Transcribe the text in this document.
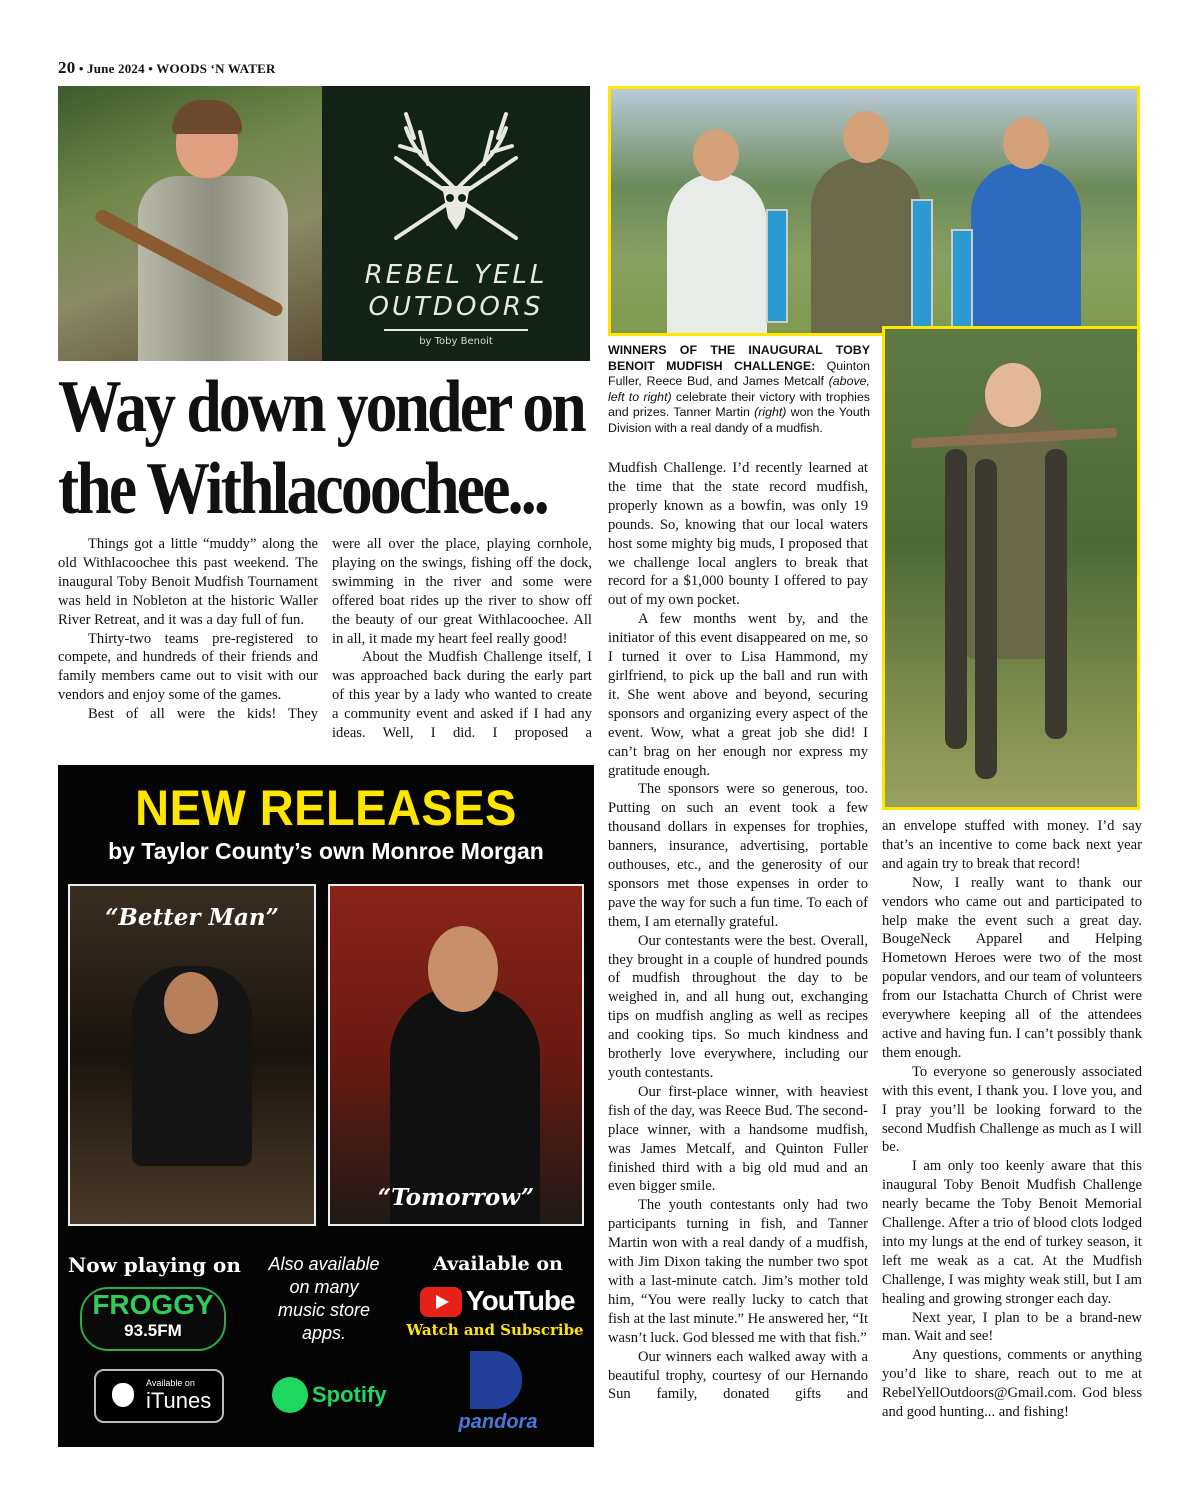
20 • June 2024 • WOODS ‘N WATER
REBEL YELL
OUTDOORS
by Toby Benoit
Way down yonder on
the Withlacoochee...

Things got a little “muddy” along the old Withlacoochee this past weekend. The inaugural Toby Benoit Mudfish Tournament was held in Nobleton at the historic Waller River Retreat, and it was a day full of fun.

Thirty-two teams pre-registered to compete, and hundreds of their friends and family members came out to visit with our vendors and enjoy some of the games.

Best of all were the kids! They

were all over the place, playing cornhole, playing on the swings, fishing off the dock, swimming in the river and some were offered boat rides up the river to show off the beauty of our great Withlacoochee. All in all, it made my heart feel really good!

About the Mudfish Challenge itself, I was approached back during the early part of this year by a lady who wanted to create a community event and asked if I had any ideas. Well, I did. I proposed a

WINNERS OF THE INAUGURAL TOBY BENOIT MUDFISH CHALLENGE: Quinton Fuller, Reece Bud, and James Metcalf (above, left to right) celebrate their victory with trophies and prizes. Tanner Martin (right) won the Youth Division with a real dandy of a mudfish.

Mudfish Challenge. I’d recently learned at the time that the state record mudfish, properly known as a bowfin, was only 19 pounds. So, knowing that our local waters host some mighty big muds, I proposed that we challenge local anglers to break that record for a $1,000 bounty I offered to pay out of my own pocket.

A few months went by, and the initiator of this event disappeared on me, so I turned it over to Lisa Hammond, my girlfriend, to pick up the ball and run with it. She went above and beyond, securing sponsors and organizing every aspect of the event. Wow, what a great job she did! I can’t brag on her enough nor express my gratitude enough.

The sponsors were so generous, too. Putting on such an event took a few thousand dollars in expenses for trophies, banners, insurance, advertising, portable outhouses, etc., and the generosity of our sponsors met those expenses in order to pave the way for such a fun time. To each of them, I am eternally grateful.

Our contestants were the best. Overall, they brought in a couple of hundred pounds of mudfish throughout the day to be weighed in, and all hung out, exchanging tips on mudfish angling as well as recipes and cooking tips. So much kindness and brotherly love everywhere, including our youth contestants.

Our first-place winner, with heaviest fish of the day, was Reece Bud. The second-place winner, with a handsome mudfish, was James Metcalf, and Quinton Fuller finished third with a big old mud and an even bigger smile.

The youth contestants only had two participants turning in fish, and Tanner Martin won with a real dandy of a mudfish, with Jim Dixon taking the number two spot with a last-minute catch. Jim’s mother told him, “You were really lucky to catch that fish at the last minute.” He answered her, “It wasn’t luck. God blessed me with that fish.”

Our winners each walked away with a beautiful trophy, courtesy of our Hernando Sun family, donated gifts and

an envelope stuffed with money. I’d say that’s an incentive to come back next year and again try to break that record!

Now, I really want to thank our vendors who came out and participated to help make the event such a great day. BougeNeck Apparel and Helping Hometown Heroes were two of the most popular vendors, and our team of volunteers from our Istachatta Church of Christ were everywhere keeping all of the attendees active and having fun. I can’t possibly thank them enough.

To everyone so generously associated with this event, I thank you. I love you, and I pray you’ll be looking forward to the second Mudfish Challenge as much as I will be.

I am only too keenly aware that this inaugural Toby Benoit Mudfish Challenge nearly became the Toby Benoit Memorial Challenge. After a trio of blood clots lodged into my lungs at the end of turkey season, it left me weak as a cat. At the Mudfish Challenge, I was mighty weak still, but I am healing and growing stronger each day.

Next year, I plan to be a brand-new man. Wait and see!

Any questions, comments or anything you’d like to share, reach out to me at RebelYellOutdoors@Gmail.com. God bless and good hunting... and fishing!

NEW RELEASES
by Taylor County’s own Monroe Morgan
“Better Man”
“Tomorrow”
Now playing on
FROGGY
93.5FM
Also available on many music store apps.
Available on
YouTube
Watch and Subscribe
Available on
iTunes	Spotify
pandora
